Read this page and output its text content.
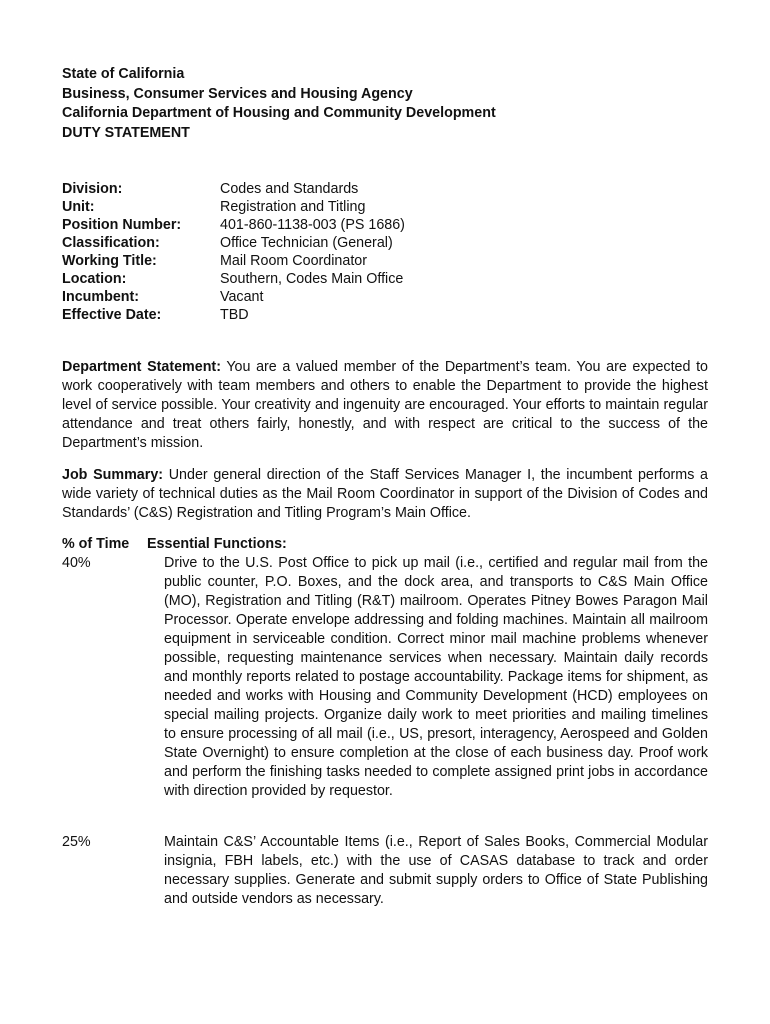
State of California
Business, Consumer Services and Housing Agency
California Department of Housing and Community Development
DUTY STATEMENT
Division:	Codes and Standards
Unit:	Registration and Titling
Position Number:	401-860-1138-003 (PS 1686)
Classification:	Office Technician (General)
Working Title:	Mail Room Coordinator
Location:	Southern, Codes Main Office
Incumbent:	Vacant
Effective Date:	TBD
Department Statement: You are a valued member of the Department’s team. You are expected to work cooperatively with team members and others to enable the Department to provide the highest level of service possible. Your creativity and ingenuity are encouraged. Your efforts to maintain regular attendance and treat others fairly, honestly, and with respect are critical to the success of the Department’s mission.
Job Summary: Under general direction of the Staff Services Manager I, the incumbent performs a wide variety of technical duties as the Mail Room Coordinator in support of the Division of Codes and Standards’ (C&S) Registration and Titling Program’s Main Office.
% of Time Essential Functions:
40%	Drive to the U.S. Post Office to pick up mail (i.e., certified and regular mail from the public counter, P.O. Boxes, and the dock area, and transports to C&S Main Office (MO), Registration and Titling (R&T) mailroom. Operates Pitney Bowes Paragon Mail Processor. Operate envelope addressing and folding machines. Maintain all mailroom equipment in serviceable condition. Correct minor mail machine problems whenever possible, requesting maintenance services when necessary. Maintain daily records and monthly reports related to postage accountability. Package items for shipment, as needed and works with Housing and Community Development (HCD) employees on special mailing projects. Organize daily work to meet priorities and mailing timelines to ensure processing of all mail (i.e., US, presort, interagency, Aerospeed and Golden State Overnight) to ensure completion at the close of each business day. Proof work and perform the finishing tasks needed to complete assigned print jobs in accordance with direction provided by requestor.
25%	Maintain C&S’ Accountable Items (i.e., Report of Sales Books, Commercial Modular insignia, FBH labels, etc.) with the use of CASAS database to track and order necessary supplies. Generate and submit supply orders to Office of State Publishing and outside vendors as necessary.
